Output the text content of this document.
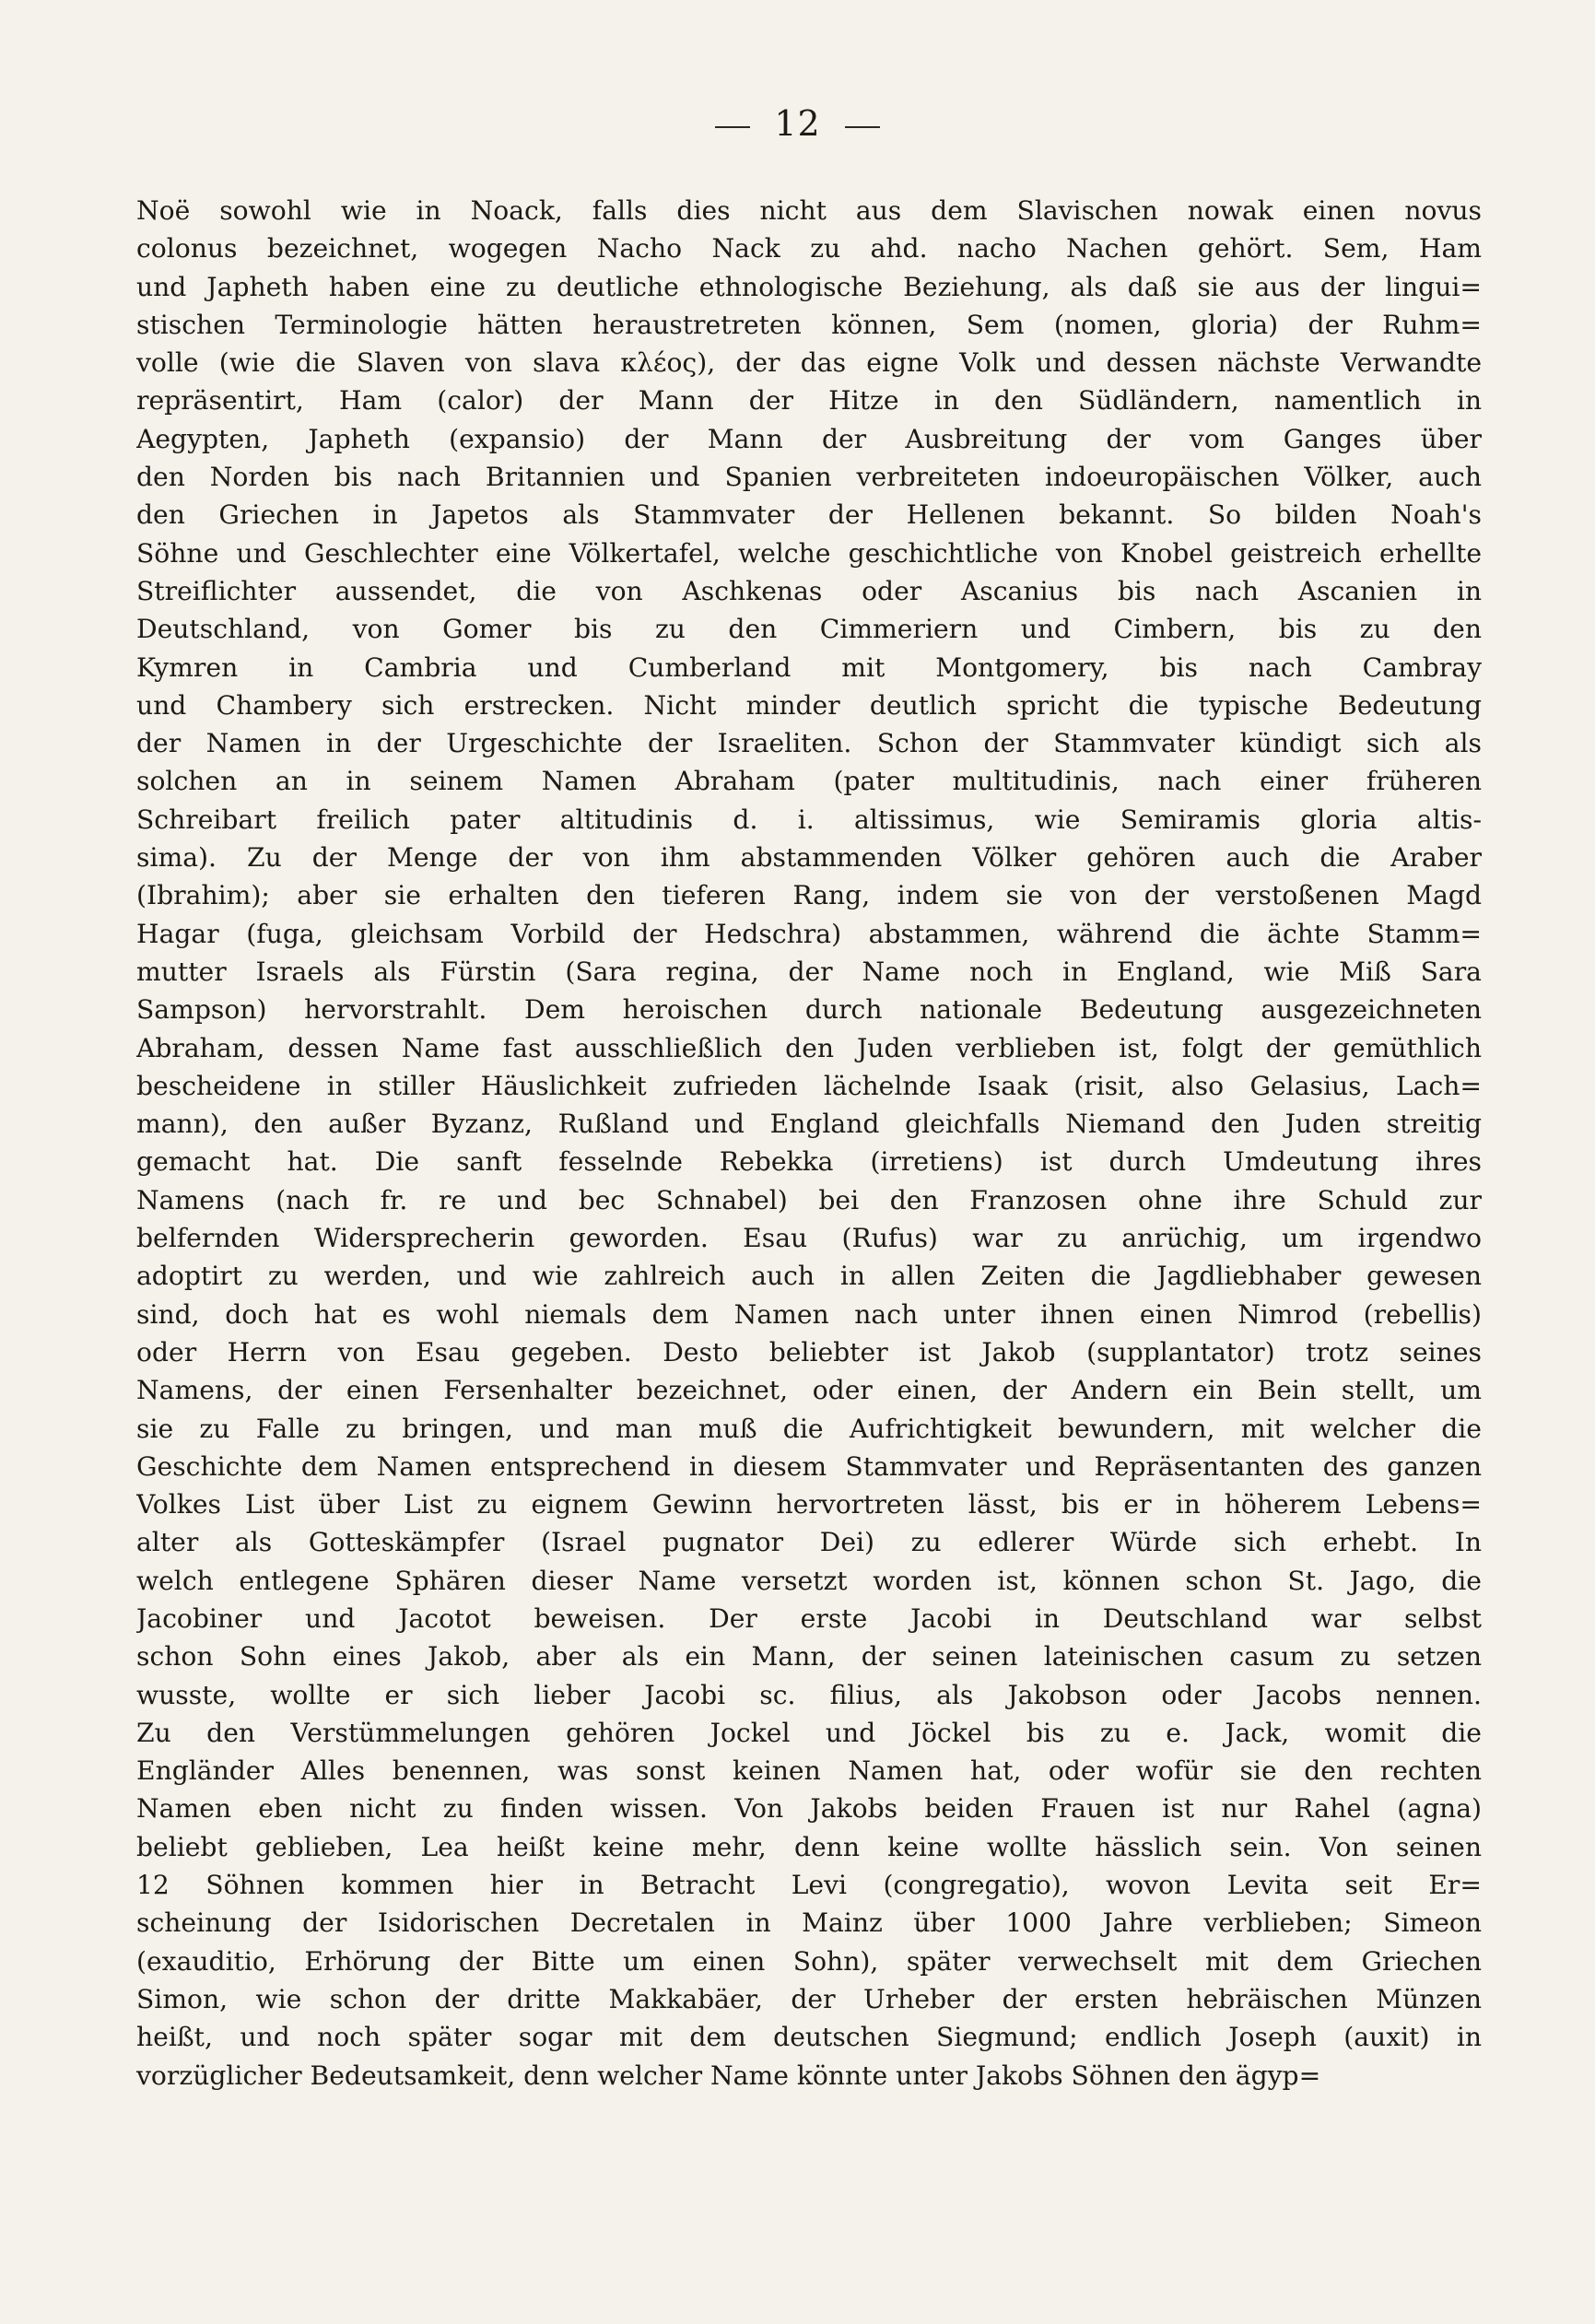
12
Noë sowohl wie in Noack, falls dies nicht aus dem Slavischen nowak einen novus
colonus bezeichnet, wogegen Nacho Nack zu ahd. nacho Nachen gehört. Sem, Ham
und Japheth haben eine zu deutliche ethnologische Beziehung, als daß sie aus der lingui=
stischen Terminologie hätten heraustretreten können, Sem (nomen, gloria) der Ruhm=
volle (wie die Slaven von slava κλέος), der das eigne Volk und dessen nächste Verwandte
repräsentirt, Ham (calor) der Mann der Hitze in den Südländern, namentlich in
Aegypten, Japheth (expansio) der Mann der Ausbreitung der vom Ganges über
den Norden bis nach Britannien und Spanien verbreiteten indoeuropäischen Völker, auch
den Griechen in Japetos als Stammvater der Hellenen bekannt. So bilden Noah's
Söhne und Geschlechter eine Völkertafel, welche geschichtliche von Knobel geistreich erhellte
Streiflichter aussendet, die von Aschkenas oder Ascanius bis nach Ascanien in
Deutschland, von Gomer bis zu den Cimmeriern und Cimbern, bis zu den
Kymren in Cambria und Cumberland mit Montgomery, bis nach Cambray
und Chambery sich erstrecken. Nicht minder deutlich spricht die typische Bedeutung
der Namen in der Urgeschichte der Israeliten. Schon der Stammvater kündigt sich als
solchen an in seinem Namen Abraham (pater multitudinis, nach einer früheren
Schreibart freilich pater altitudinis d. i. altissimus, wie Semiramis gloria altis-
sima). Zu der Menge der von ihm abstammenden Völker gehören auch die Araber
(Ibrahim); aber sie erhalten den tieferen Rang, indem sie von der verstoßenen Magd
Hagar (fuga, gleichsam Vorbild der Hedschra) abstammen, während die ächte Stamm=
mutter Israels als Fürstin (Sara regina, der Name noch in England, wie Miß Sara
Sampson) hervorstrahlt. Dem heroischen durch nationale Bedeutung ausgezeichneten
Abraham, dessen Name fast ausschließlich den Juden verblieben ist, folgt der gemüthlich
bescheidene in stiller Häuslichkeit zufrieden lächelnde Isaak (risit, also Gelasius, Lach=
mann), den außer Byzanz, Rußland und England gleichfalls Niemand den Juden streitig
gemacht hat. Die sanft fesselnde Rebekka (irretiens) ist durch Umdeutung ihres
Namens (nach fr. re und bec Schnabel) bei den Franzosen ohne ihre Schuld zur
belfernden Widersprecherin geworden. Esau (Rufus) war zu anrüchig, um irgendwo
adoptirt zu werden, und wie zahlreich auch in allen Zeiten die Jagdliebhaber gewesen
sind, doch hat es wohl niemals dem Namen nach unter ihnen einen Nimrod (rebellis)
oder Herrn von Esau gegeben. Desto beliebter ist Jakob (supplantator) trotz seines
Namens, der einen Fersenhalter bezeichnet, oder einen, der Andern ein Bein stellt, um
sie zu Falle zu bringen, und man muß die Aufrichtigkeit bewundern, mit welcher die
Geschichte dem Namen entsprechend in diesem Stammvater und Repräsentanten des ganzen
Volkes List über List zu eignem Gewinn hervortreten lässt, bis er in höherem Lebens=
alter als Gotteskämpfer (Israel pugnator Dei) zu edlerer Würde sich erhebt. In
welch entlegene Sphären dieser Name versetzt worden ist, können schon St. Jago, die
Jacobiner und Jacotot beweisen. Der erste Jacobi in Deutschland war selbst
schon Sohn eines Jakob, aber als ein Mann, der seinen lateinischen casum zu setzen
wusste, wollte er sich lieber Jacobi sc. filius, als Jakobson oder Jacobs nennen.
Zu den Verstümmelungen gehören Jockel und Jöckel bis zu e. Jack, womit die
Engländer Alles benennen, was sonst keinen Namen hat, oder wofür sie den rechten
Namen eben nicht zu finden wissen. Von Jakobs beiden Frauen ist nur Rahel (agna)
beliebt geblieben, Lea heißt keine mehr, denn keine wollte hässlich sein. Von seinen
12 Söhnen kommen hier in Betracht Levi (congregatio), wovon Levita seit Er=
scheinung der Isidorischen Decretalen in Mainz über 1000 Jahre verblieben; Simeon
(exauditio, Erhörung der Bitte um einen Sohn), später verwechselt mit dem Griechen
Simon, wie schon der dritte Makkabäer, der Urheber der ersten hebräischen Münzen
heißt, und noch später sogar mit dem deutschen Siegmund; endlich Joseph (auxit) in
vorzüglicher Bedeutsamkeit, denn welcher Name könnte unter Jakobs Söhnen den ägyp=
